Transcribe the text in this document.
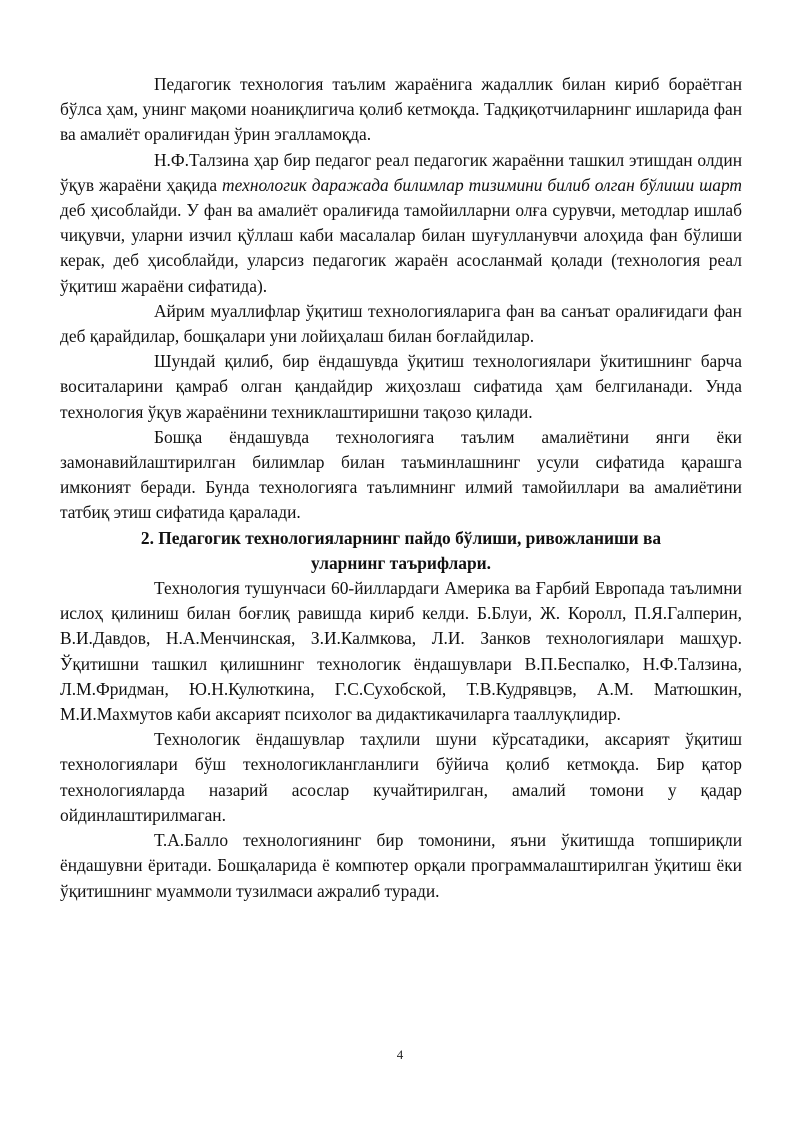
Педагогик технология таълим жараёнига жадаллик билан кириб бораётган бўлса ҳам, унинг мақоми ноаниқлигича қолиб кетмоқда. Тадқиқотчиларнинг ишларида фан ва амалиёт оралиғидан ўрин эгалламоқда.

Н.Ф.Талзина ҳар бир педагог реал педагогик жараённи ташкил этишдан олдин ўқув жараёни ҳақида технологик даражада билимлар тизимини билиб олган бўлиши шарт деб ҳисоблайди. У фан ва амалиёт оралиғида тамойилларни олға сурувчи, методлар ишлаб чиқувчи, уларни изчил қўллаш каби масалалар билан шуғулланувчи алоҳида фан бўлиши керак, деб ҳисоблайди, уларсиз педагогик жараён асосланмай қолади (технология реал ўқитиш жараёни сифатида).

Айрим муаллифлар ўқитиш технологияларига фан ва санъат оралиғидаги фан деб қарайдилар, бошқалари уни лойиҳалаш билан боғлайдилар.

Шундай қилиб, бир ёндашувда ўқитиш технологиялари ўкитишнинг барча воситаларини қамраб олган қандайдир жиҳозлаш сифатида ҳам белгиланади. Унда технология ўқув жараёнини техниклаштиришни тақозо қилади.

Бошқа ёндашувда технологияга таълим амалиётини янги ёки замонавийлаштирилган билимлар билан таъминлашнинг усули сифатида қарашга имконият беради. Бунда технологияга таълимнинг илмий тамойиллари ва амалиётини татбиқ этиш сифатида қаралади.

2. Педагогик технологияларнинг пайдо бўлиши, ривожланиши ва
уларнинг таърифлари.

Технология тушунчаси 60-йиллардаги Америка ва Ғарбий Европада таълимни ислоҳ қилиниш билан боғлиқ равишда кириб келди. Б.Блуи, Ж. Королл, П.Я.Галперин, В.И.Давдов, Н.А.Менчинская, З.И.Калмкова, Л.И. Занков технологиялари машҳур. Ўқитишни ташкил қилишнинг технологик ёндашувлари В.П.Беспалко, Н.Ф.Талзина, Л.М.Фридман, Ю.Н.Кулюткина, Г.С.Сухобской, Т.В.Кудрявцэв, А.М. Матюшкин, М.И.Махмутов каби аксарият психолог ва дидактикачиларга тааллуқлидир.

Технологик ёндашувлар таҳлили шуни кўрсатадики, аксарият ўқитиш технологиялари бўш технологиклангланлиги бўйича қолиб кетмоқда. Бир қатор технологияларда назарий асослар кучайтирилган, амалий томони у қадар ойдинлаштирилмаган.

Т.А.Балло технологиянинг бир томонини, яъни ўкитишда топшириқли ёндашувни ёритади. Бошқаларида ё компютер орқали программалаштирилган ўқитиш ёки ўқитишнинг муаммоли тузилмаси ажралиб туради.

4
